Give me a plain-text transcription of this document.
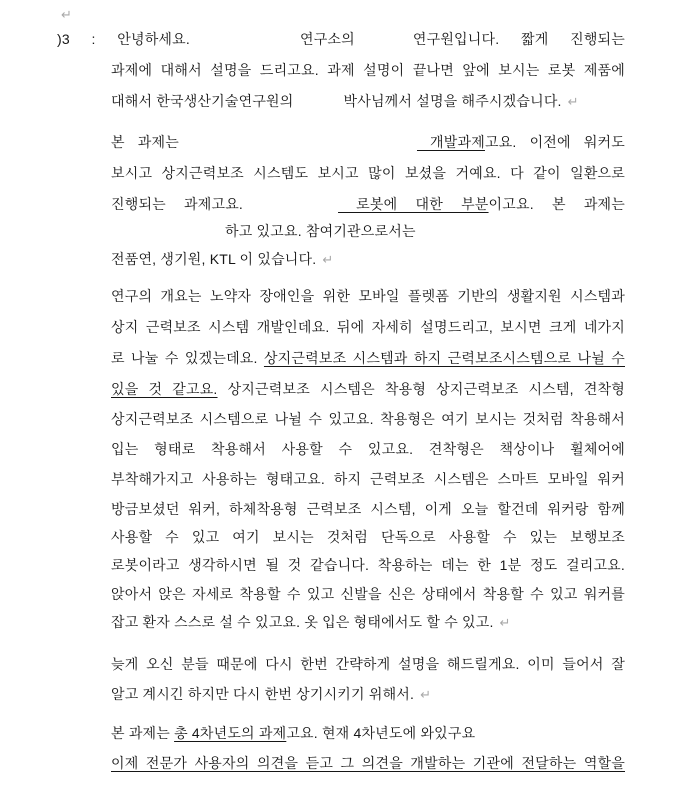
↵
)3 : 안녕하세요.	연구소의	연구원입니다. 짧게 진행되는
과제에 대해서 설명을 드리고요. 과제 설명이 끝나면 앞에 보시는 로봇 제품에
대해서 한국생산기술연구원의	박사님께서 설명을 해주시겠습니다. ↵
본 과제는	개발과제고요. 이전에 워커도
보시고 상지근력보조 시스템도 보시고 많이 보셨을 거예요. 다 같이 일환으로
진행되는 과제고요.	로봇에 대한 부분이고요. 본 과제는
하고 있고요. 참여기관으로서는
전품연, 생기원, KTL 이 있습니다. ↵
연구의 개요는 노약자 장애인을 위한 모바일 플렛폼 기반의 생활지원 시스템과
상지 근력보조 시스템 개발인데요. 뒤에 자세히 설명드리고, 보시면 크게 네가지
로 나눌 수 있겠는데요. 상지근력보조 시스템과 하지 근력보조시스템으로 나뉠 수
있을 것 같고요. 상지근력보조 시스템은 착용형 상지근력보조 시스템, 견착형
상지근력보조 시스템으로 나뉠 수 있고요. 착용형은 여기 보시는 것처럼 착용해서
입는 형태로 착용해서 사용할 수 있고요. 견착형은 책상이나 휠체어에
부착해가지고 사용하는 형태고요. 하지 근력보조 시스템은 스마트 모바일 워커
방금보셨던 워커, 하체착용형 근력보조 시스템, 이게 오늘 할건데 워커랑 함께
사용할 수 있고 여기 보시는 것처럼 단독으로 사용할 수 있는 보행보조
로봇이라고 생각하시면 될 것 같습니다. 착용하는 데는 한 1분 정도 걸리고요.
앉아서 앉은 자세로 착용할 수 있고 신발을 신은 상태에서 착용할 수 있고 워커를
잡고 환자 스스로 설 수 있고요. 옷 입은 형태에서도 할 수 있고. ↵
늦게 오신 분들 때문에 다시 한번 간략하게 설명을 해드릴게요. 이미 들어서 잘
알고 계시긴 하지만 다시 한번 상기시키기 위해서. ↵
본 과제는 총 4차년도의 과제고요. 현재 4차년도에 와있구요
이제 전문가 사용자의 의견을 듣고 그 의견을 개발하는 기관에 전달하는 역할을
